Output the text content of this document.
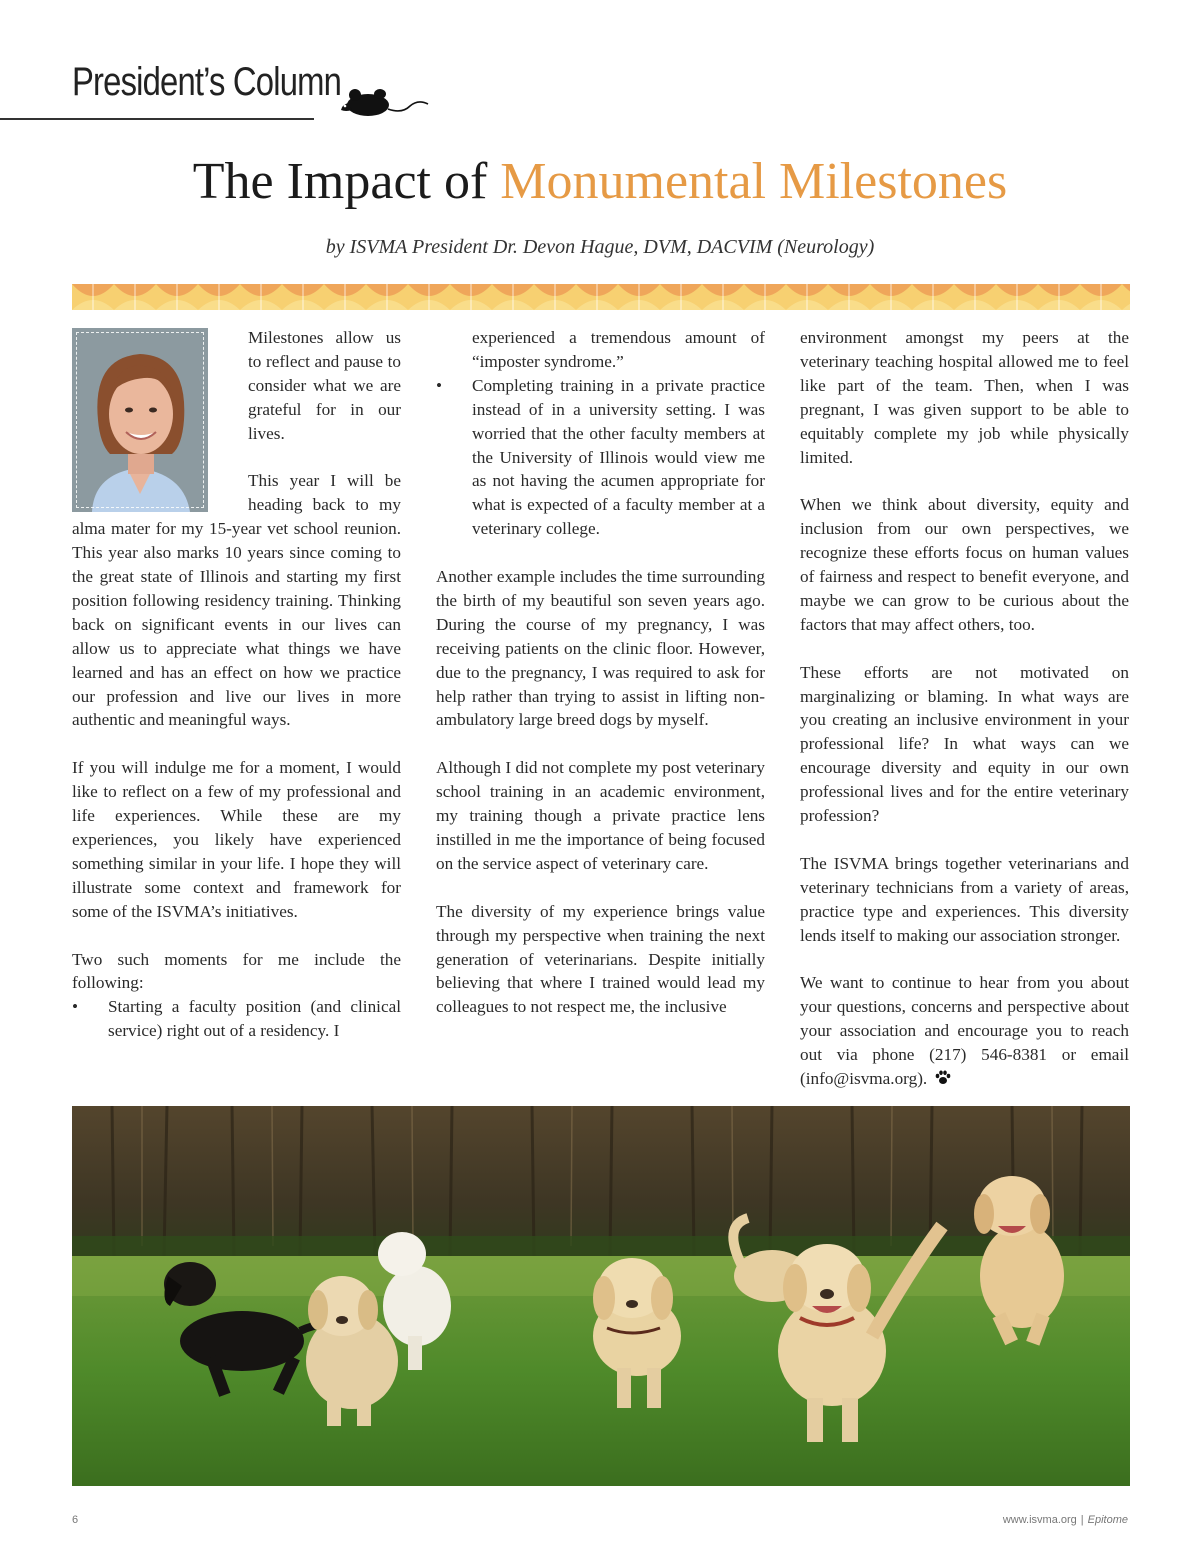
President’s Column
The Impact of Monumental Milestones
by ISVMA President Dr. Devon Hague, DVM, DACVIM (Neurology)

Milestones allow us to reflect and pause to consider what we are grateful for in our lives.

This year I will be heading back to my alma mater for my 15-year vet school reunion. This year also marks 10 years since coming to the great state of Illinois and starting my first position following residency training. Thinking back on significant events in our lives can allow us to appreciate what things we have learned and has an effect on how we practice our profession and live our lives in more authentic and meaningful ways.

If you will indulge me for a moment, I would like to reflect on a few of my professional and life experiences. While these are my experiences, you likely have experienced something similar in your life. I hope they will illustrate some context and framework for some of the ISVMA’s initiatives.

Two such moments for me include the following:

• Starting a faculty position (and clinical service) right out of a residency. I
experienced a tremendous amount of “imposter syndrome.”
• Completing training in a private practice instead of in a university setting. I was worried that the other faculty members at the University of Illinois would view me as not having the acumen appropriate for what is expected of a faculty member at a veterinary college.

Another example includes the time surrounding the birth of my beautiful son seven years ago. During the course of my pregnancy, I was receiving patients on the clinic floor. However, due to the pregnancy, I was required to ask for help rather than trying to assist in lifting non-ambulatory large breed dogs by myself.

Although I did not complete my post veterinary school training in an academic environment, my training though a private practice lens instilled in me the importance of being focused on the service aspect of veterinary care.

The diversity of my experience brings value through my perspective when training the next generation of veterinarians. Despite initially believing that where I trained would lead my colleagues to not respect me, the inclusive

environment amongst my peers at the veterinary teaching hospital allowed me to feel like part of the team. Then, when I was pregnant, I was given support to be able to equitably complete my job while physically limited.

When we think about diversity, equity and inclusion from our own perspectives, we recognize these efforts focus on human values of fairness and respect to benefit everyone, and maybe we can grow to be curious about the factors that may affect others, too.

These efforts are not motivated on marginalizing or blaming. In what ways are you creating an inclusive environment in your professional life? In what ways can we encourage diversity and equity in our own professional lives and for the entire veterinary profession?

The ISVMA brings together veterinarians and veterinary technicians from a variety of areas, practice type and experiences. This diversity lends itself to making our association stronger.

We want to continue to hear from you about your questions, concerns and perspective about your association and encourage you to reach out via phone (217) 546-8381 or email (info@isvma.org).

6	www.isvma.org | Epitome
